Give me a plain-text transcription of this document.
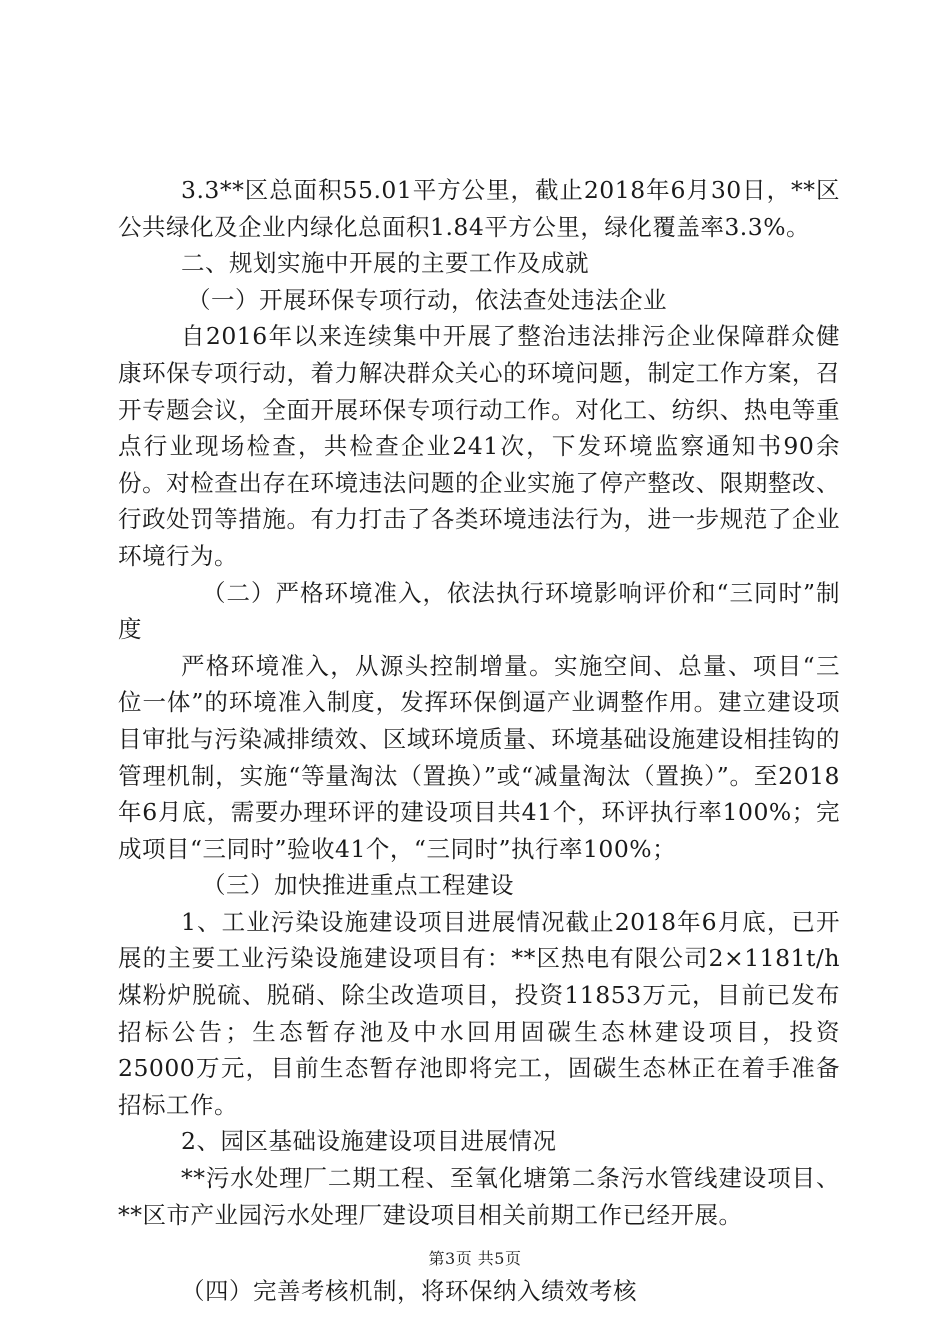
3.3**区总面积55.01平方公里，截止2018年6月30日，**区公共绿化及企业内绿化总面积1.84平方公里，绿化覆盖率3.3%。

二、规划实施中开展的主要工作及成就

（一）开展环保专项行动，依法查处违法企业

自2016年以来连续集中开展了整治违法排污企业保障群众健康环保专项行动，着力解决群众关心的环境问题，制定工作方案，召开专题会议，全面开展环保专项行动工作。对化工、纺织、热电等重点行业现场检查，共检查企业241次，下发环境监察通知书90余份。对检查出存在环境违法问题的企业实施了停产整改、限期整改、行政处罚等措施。有力打击了各类环境违法行为，进一步规范了企业环境行为。

（二）严格环境准入，依法执行环境影响评价和“三同时”制度

严格环境准入，从源头控制增量。实施空间、总量、项目“三位一体”的环境准入制度，发挥环保倒逼产业调整作用。建立建设项目审批与污染减排绩效、区域环境质量、环境基础设施建设相挂钩的管理机制，实施“等量淘汰（置换）”或“减量淘汰（置换）”。至2018年6月底，需要办理环评的建设项目共41个，环评执行率100%；完成项目“三同时”验收41个，“三同时”执行率100%；

（三）加快推进重点工程建设

1、工业污染设施建设项目进展情况截止2018年6月底，已开展的主要工业污染设施建设项目有：**区热电有限公司2×1181t/h煤粉炉脱硫、脱硝、除尘改造项目，投资11853万元，目前已发布招标公告；生态暂存池及中水回用固碳生态林建设项目，投资25000万元，目前生态暂存池即将完工，固碳生态林正在着手准备招标工作。

2、园区基础设施建设项目进展情况

**污水处理厂二期工程、至氧化塘第二条污水管线建设项目、**区市产业园污水处理厂建设项目相关前期工作已经开展。

（四）完善考核机制，将环保纳入绩效考核

第3页 共5页
